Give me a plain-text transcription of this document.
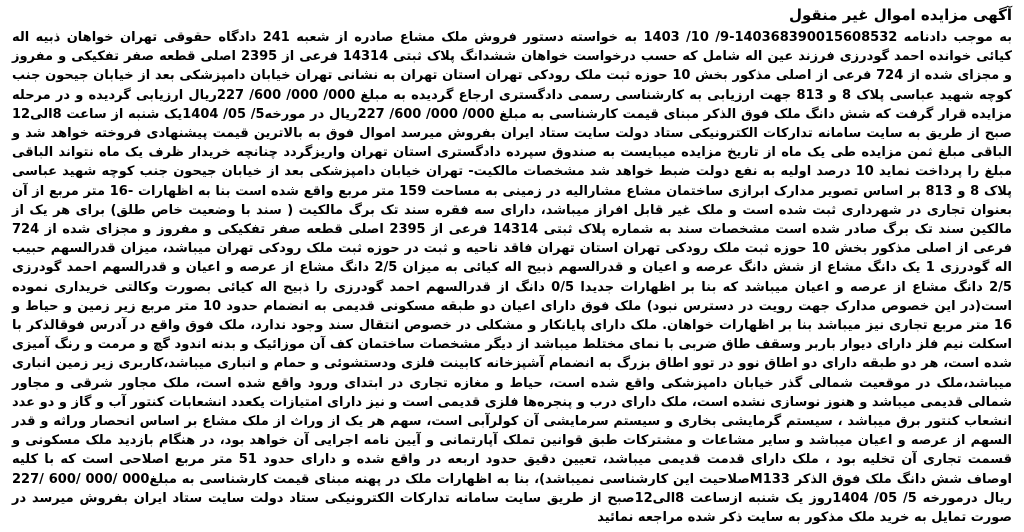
آگهی مزایده اموال غیر منقول

به موجب دادنامه 140368390015608532-9/ 10/ 1403 به خواسته دستور فروش ملک مشاع صادره از شعبه 241 دادگاه حقوقی تهران خواهان ذبیه اله کیائی خوانده احمد گودرزی فرزند عین اله شامل که حسب درخواست خواهان ششدانگ پلاک ثبتی 14314 فرعی از 2395 اصلی قطعه صفر تفکیکی و مفروز و مجزای شده از 724 فرعی از اصلی مذکور بخش 10 حوزه ثبت ملک رودکی تهران استان تهران به نشانی تهران خیابان دامپزشکی بعد از خیابان جیحون جنب کوچه شهید عباسی پلاک 8 و 813 جهت ارزیابی به کارشناسی رسمی دادگستری ارجاع گردیده به مبلغ 000/ 000/ 600/ 227ریال ارزیابی گردیده و در مرحله مزایده قرار گرفت که شش دانگ ملک فوق الذکر مبنای قیمت کارشناسی به مبلغ 000/ 000/ 600/ 227ریال در مورخه5/ 05/ 1404یک شنبه از ساعت 8الی12 صبح از طریق به سایت سامانه تدارکات الکترونیکی ستاد دولت سایت ستاد ایران بفروش میرسد اموال فوق به بالاترین قیمت پیشنهادی فروخته خواهد شد و الباقی مبلغ ثمن مزایده طی یک ماه از تاریخ مزایده میبایست به صندوق سپرده دادگستری استان تهران واریزگردد چنانچه خریدار ظرف یک ماه نتواند الباقی مبلغ را پرداخت نماید 10 درصد اولیه به نفع دولت ضبط خواهد شد مشخصات مالکیت- تهران خیابان دامپزشکی بعد از خیابان جیحون جنب کوچه شهید عباسی پلاک 8 و 813 بر اساس تصویر مدارک ابرازی ساختمان مشاع مشارالیه در زمینی به مساحت 159 متر مربع واقع شده است بنا به اظهارات -16 متر مربع از آن بعنوان تجاری در شهرداری ثبت شده است و ملک غیر قابل افراز میباشد، دارای سه فقره سند تک برگ مالکیت ( سند با وضعیت خاص طلق) برای هر یک از مالکین سند تک برگ صادر شده است مشخصات سند به شماره پلاک ثبتی 14314 فرعی از 2395 اصلی قطعه صفر تفکیکی و مفروز و مجزای شده از 724 فرعی از اصلی مذکور بخش 10 حوزه ثبت ملک رودکی تهران استان تهران فاقد ناحیه و ثبت در حوزه ثبت ملک رودکی تهران میباشد، میزان قدرالسهم حبیب اله گودرزی 1 یک دانگ مشاع از شش دانگ عرصه و اعیان و قدرالسهم ذبیح اله کیائی به میزان 2/5 دانگ مشاع از عرصه و اعیان و قدرالسهم احمد گودرزی 2/5 دانگ مشاع از عرصه و اعیان میباشد که بنا بر اظهارات جدیدا 0/5 دانگ از قدرالسهم احمد گودرزی را ذبیح اله کیائی بصورت وکالتی خریداری نموده است(در این خصوص مدارک جهت رویت در دسترس نبود) ملک فوق دارای اعیان دو طبقه مسکونی قدیمی به انضمام حدود 10 متر مربع زیر زمین و حیاط و 16 متر مربع تجاری نیز میباشد بنا بر اظهارات خواهان. ملک دارای پایانکار و مشکلی در خصوص انتقال سند وجود ندارد، ملک فوق واقع در آدرس فوقالذکر با اسکلت نیم فلز دارای دیوار باربر وسقف طاق ضربی با نمای مختلط میباشد از دیگر مشخصات ساختمان کف آن موزائیک و بدنه اندود گچ و مرمت و رنگ آمیزی شده است، هر دو طبقه دارای دو اطاق نوو در توو اطاق بزرگ به انضمام آشپزخانه کابینت فلزی ودستشوئی و حمام و انباری میباشد،کاربری زیر زمین انباری میباشد،ملک در موقعیت شمالی گذر خیابان دامپزشکی واقع شده است، حیاط و مغازه تجاری در ابتدای ورود واقع شده است، ملک مجاور شرقی و مجاور شمالی قدیمی میباشد و هنوز نوسازی نشده است، ملک دارای درب و پنجره‌ها فلزی قدیمی است و نیز دارای امتیازات یکعدد انشعابات کنتور آب و گاز و دو عدد انشعاب کنتور برق میباشد ، سیستم گرمایشی بخاری و سیستم سرمایشی آن کولرآبی است، سهم هر یک از وراث از ملک مشاع بر اساس انحصار وراثه و قدر السهم از عرصه و اعیان میباشد و سایر مشاعات و مشترکات طبق قوانین تملک آپارتمانی و آیین نامه اجرایی آن خواهد بود، در هنگام بازدید ملک مسکونی و قسمت تجاری آن تخلیه بود ، ملک دارای قدمت قدیمی میباشد، تعیین دقیق حدود اربعه در واقع شده و دارای حدود 51 متر مربع اصلاحی است که با کلیه اوصاف شش دانگ ملک فوق الذکر M133صلاحیت این کارشناسی نمیباشد)، بنا به اظهارات ملک در پهنه مبنای قیمت کارشناسی به مبلغ000 /000 /600 /227 ریال درمورخه 5/ 05/ 1404روز یک شنبه ازساعت 8الی12صبح از طریق سایت سامانه تدارکات الکترونیکی ستاد دولت سایت ستاد ایران بفروش میرسد در صورت تمایل به خرید ملک مذکور به سایت ذکر شده مراجعه نمائید
